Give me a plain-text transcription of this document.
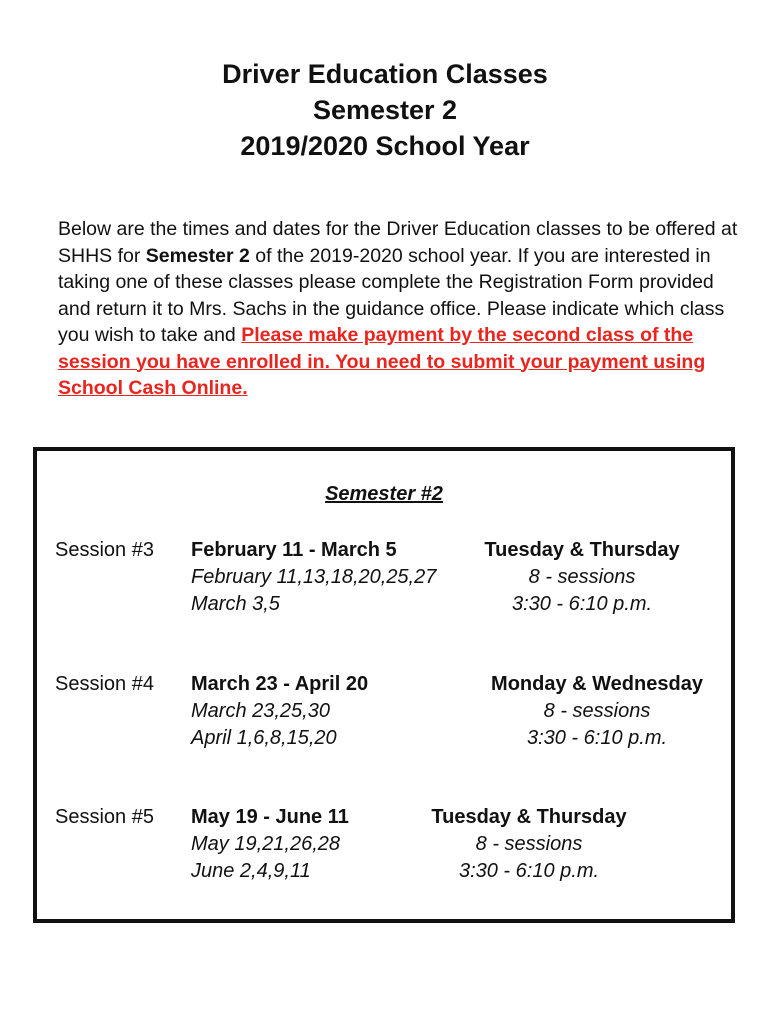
Driver Education Classes
Semester 2
2019/2020 School Year

Below are the times and dates for the Driver Education classes to be offered at SHHS for Semester 2 of the 2019-2020 school year. If you are interested in taking one of these classes please complete the Registration Form provided and return it to Mrs. Sachs in the guidance office. Please indicate which class you wish to take and Please make payment by the second class of the session you have enrolled in. You need to submit your payment using School Cash Online.

Semester #2
Session #3 February 11 - March 5
February 11,13,18,20,25,27
March 3,5
Tuesday & Thursday
8 - sessions
3:30 - 6:10 p.m.
Session #4 March 23 - April 20
March 23,25,30
April 1,6,8,15,20
Monday & Wednesday
8 - sessions
3:30 - 6:10 p.m.
Session #5 May 19 - June 11
May 19,21,26,28
June 2,4,9,11
Tuesday & Thursday
8 - sessions
3:30 - 6:10 p.m.
